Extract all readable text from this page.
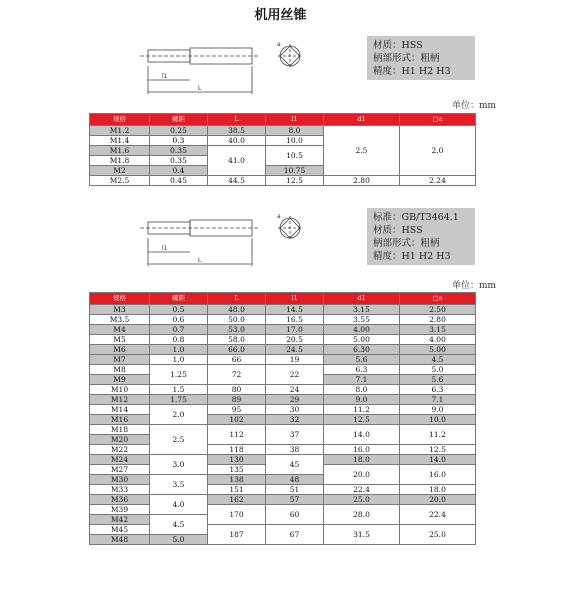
机用丝锥
l1
L
a	材质：HSS
柄部形式：粗柄
精度：H1 H2 H3
单位：mm
规格	螺距	L	l1	d1	□a
M1.2	0.25	38.5	8.0	2.5	2.0
M1.4	0.3	40.0	10.0		
M1.6	0.35	41.0	10.5		
M1.8	0.35				
M2	0.4		10.75		
M2.5	0.45	44.5	12.5	2.80	2.24
l1
L
a	标准：GB/T3464.1
材质：HSS
柄部形式：粗柄
精度：H1 H2 H3
单位：mm
规格	螺距	L	l1	d1	□a
M3	0.5	48.0	14.5	3.15	2.50
M3.5	0.6	50.0	16.5	3.55	2.80
M4	0.7	53.0	17.0	4.00	3.15
M5	0.8	58.0	20.5	5.00	4.00
M6	1.0	66.0	24.5	6.30	5.00
M7	1.0	66	19	5.6	4.5
M8	1.25	72	22	6.3	5.0
M9				7.1	5.6
M10	1.5	80	24	8.0	6.3
M12	1.75	89	29	9.0	7.1
M14	2.0	95	30	11.2	9.0
M16		102	32	12.5	10.0
M18	2.5	112	37	14.0	11.2
M20					
M22		118	38	16.0	12.5
M24	3.0	130	45	18.0	14.0
M27		135		20.0	16.0
M30	3.5	138	48		
M33		151	51	22.4	18.0
M36	4.0	162	57	25.0	20.0
M39		170	60	28.0	22.4
M42	4.5				
M45		187	67	31.5	25.0
M48	5.0				
